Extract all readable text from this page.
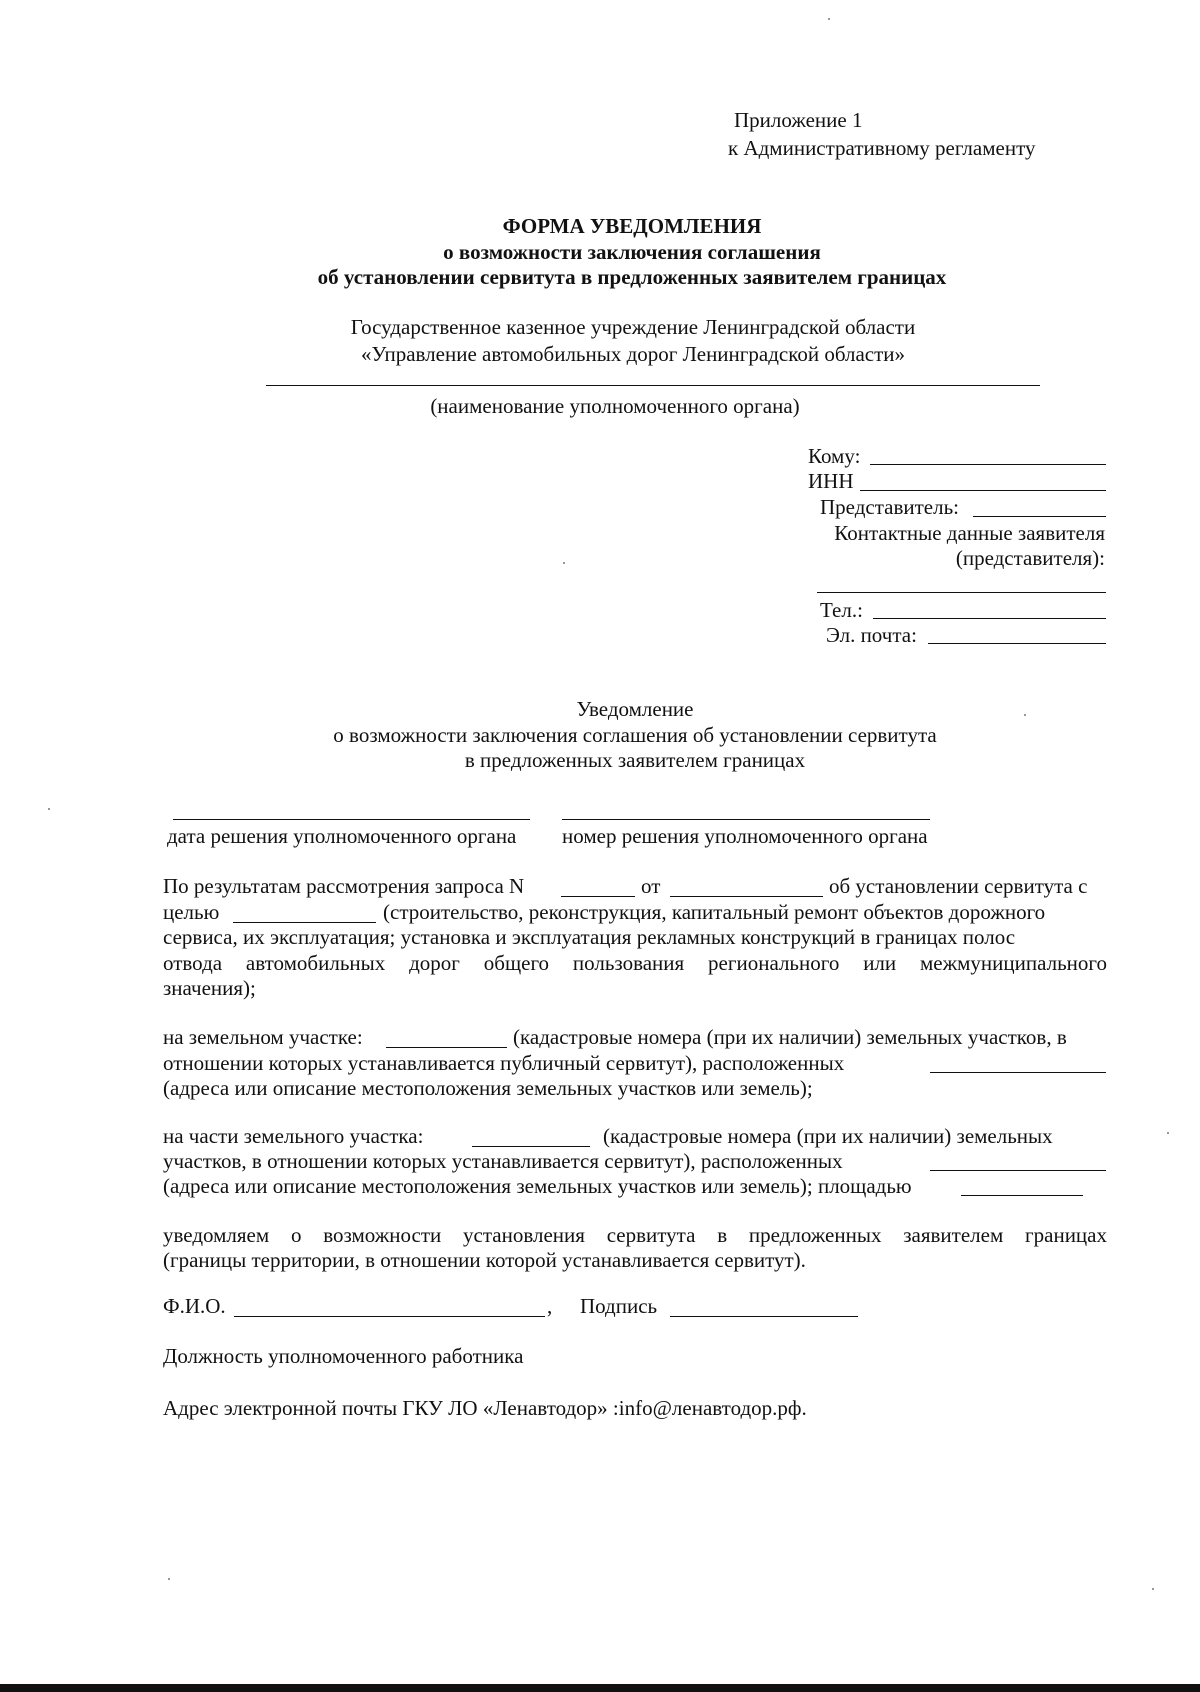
Приложение 1
к Административному регламенту
ФОРМА УВЕДОМЛЕНИЯ
о возможности заключения соглашения
об установлении сервитута в предложенных заявителем границах
Государственное казенное учреждение Ленинградской области
«Управление автомобильных дорог Ленинградской области»
(наименование уполномоченного органа)
Кому:
ИНН
Представитель:
Контактные данные заявителя
(представителя):
Тел.:
Эл. почта:
Уведомление
о возможности заключения соглашения об установлении сервитута
в предложенных заявителем границах
дата решения уполномоченного органа номер решения уполномоченного органа
По результатам рассмотрения запроса N	от	об установлении сервитута с
целью	(строительство, реконструкция, капитальный ремонт объектов дорожного
сервиса, их эксплуатация; установка и эксплуатация рекламных конструкций в границах полос
отвода автомобильных дорог общего пользования регионального или межмуниципального
значения);
на земельном участке:	(кадастровые номера (при их наличии) земельных участков, в
отношении которых устанавливается публичный сервитут), расположенных
(адреса или описание местоположения земельных участков или земель);
на части земельного участка:	(кадастровые номера (при их наличии) земельных
участков, в отношении которых устанавливается сервитут), расположенных
(адреса или описание местоположения земельных участков или земель); площадью
уведомляем о возможности установления сервитута в предложенных заявителем границах
(границы территории, в отношении которой устанавливается сервитут).
Ф.И.О.	, Подпись
Должность уполномоченного работника
Адрес электронной почты ГКУ ЛО «Ленавтодор» :info@ленавтодор.рф.
